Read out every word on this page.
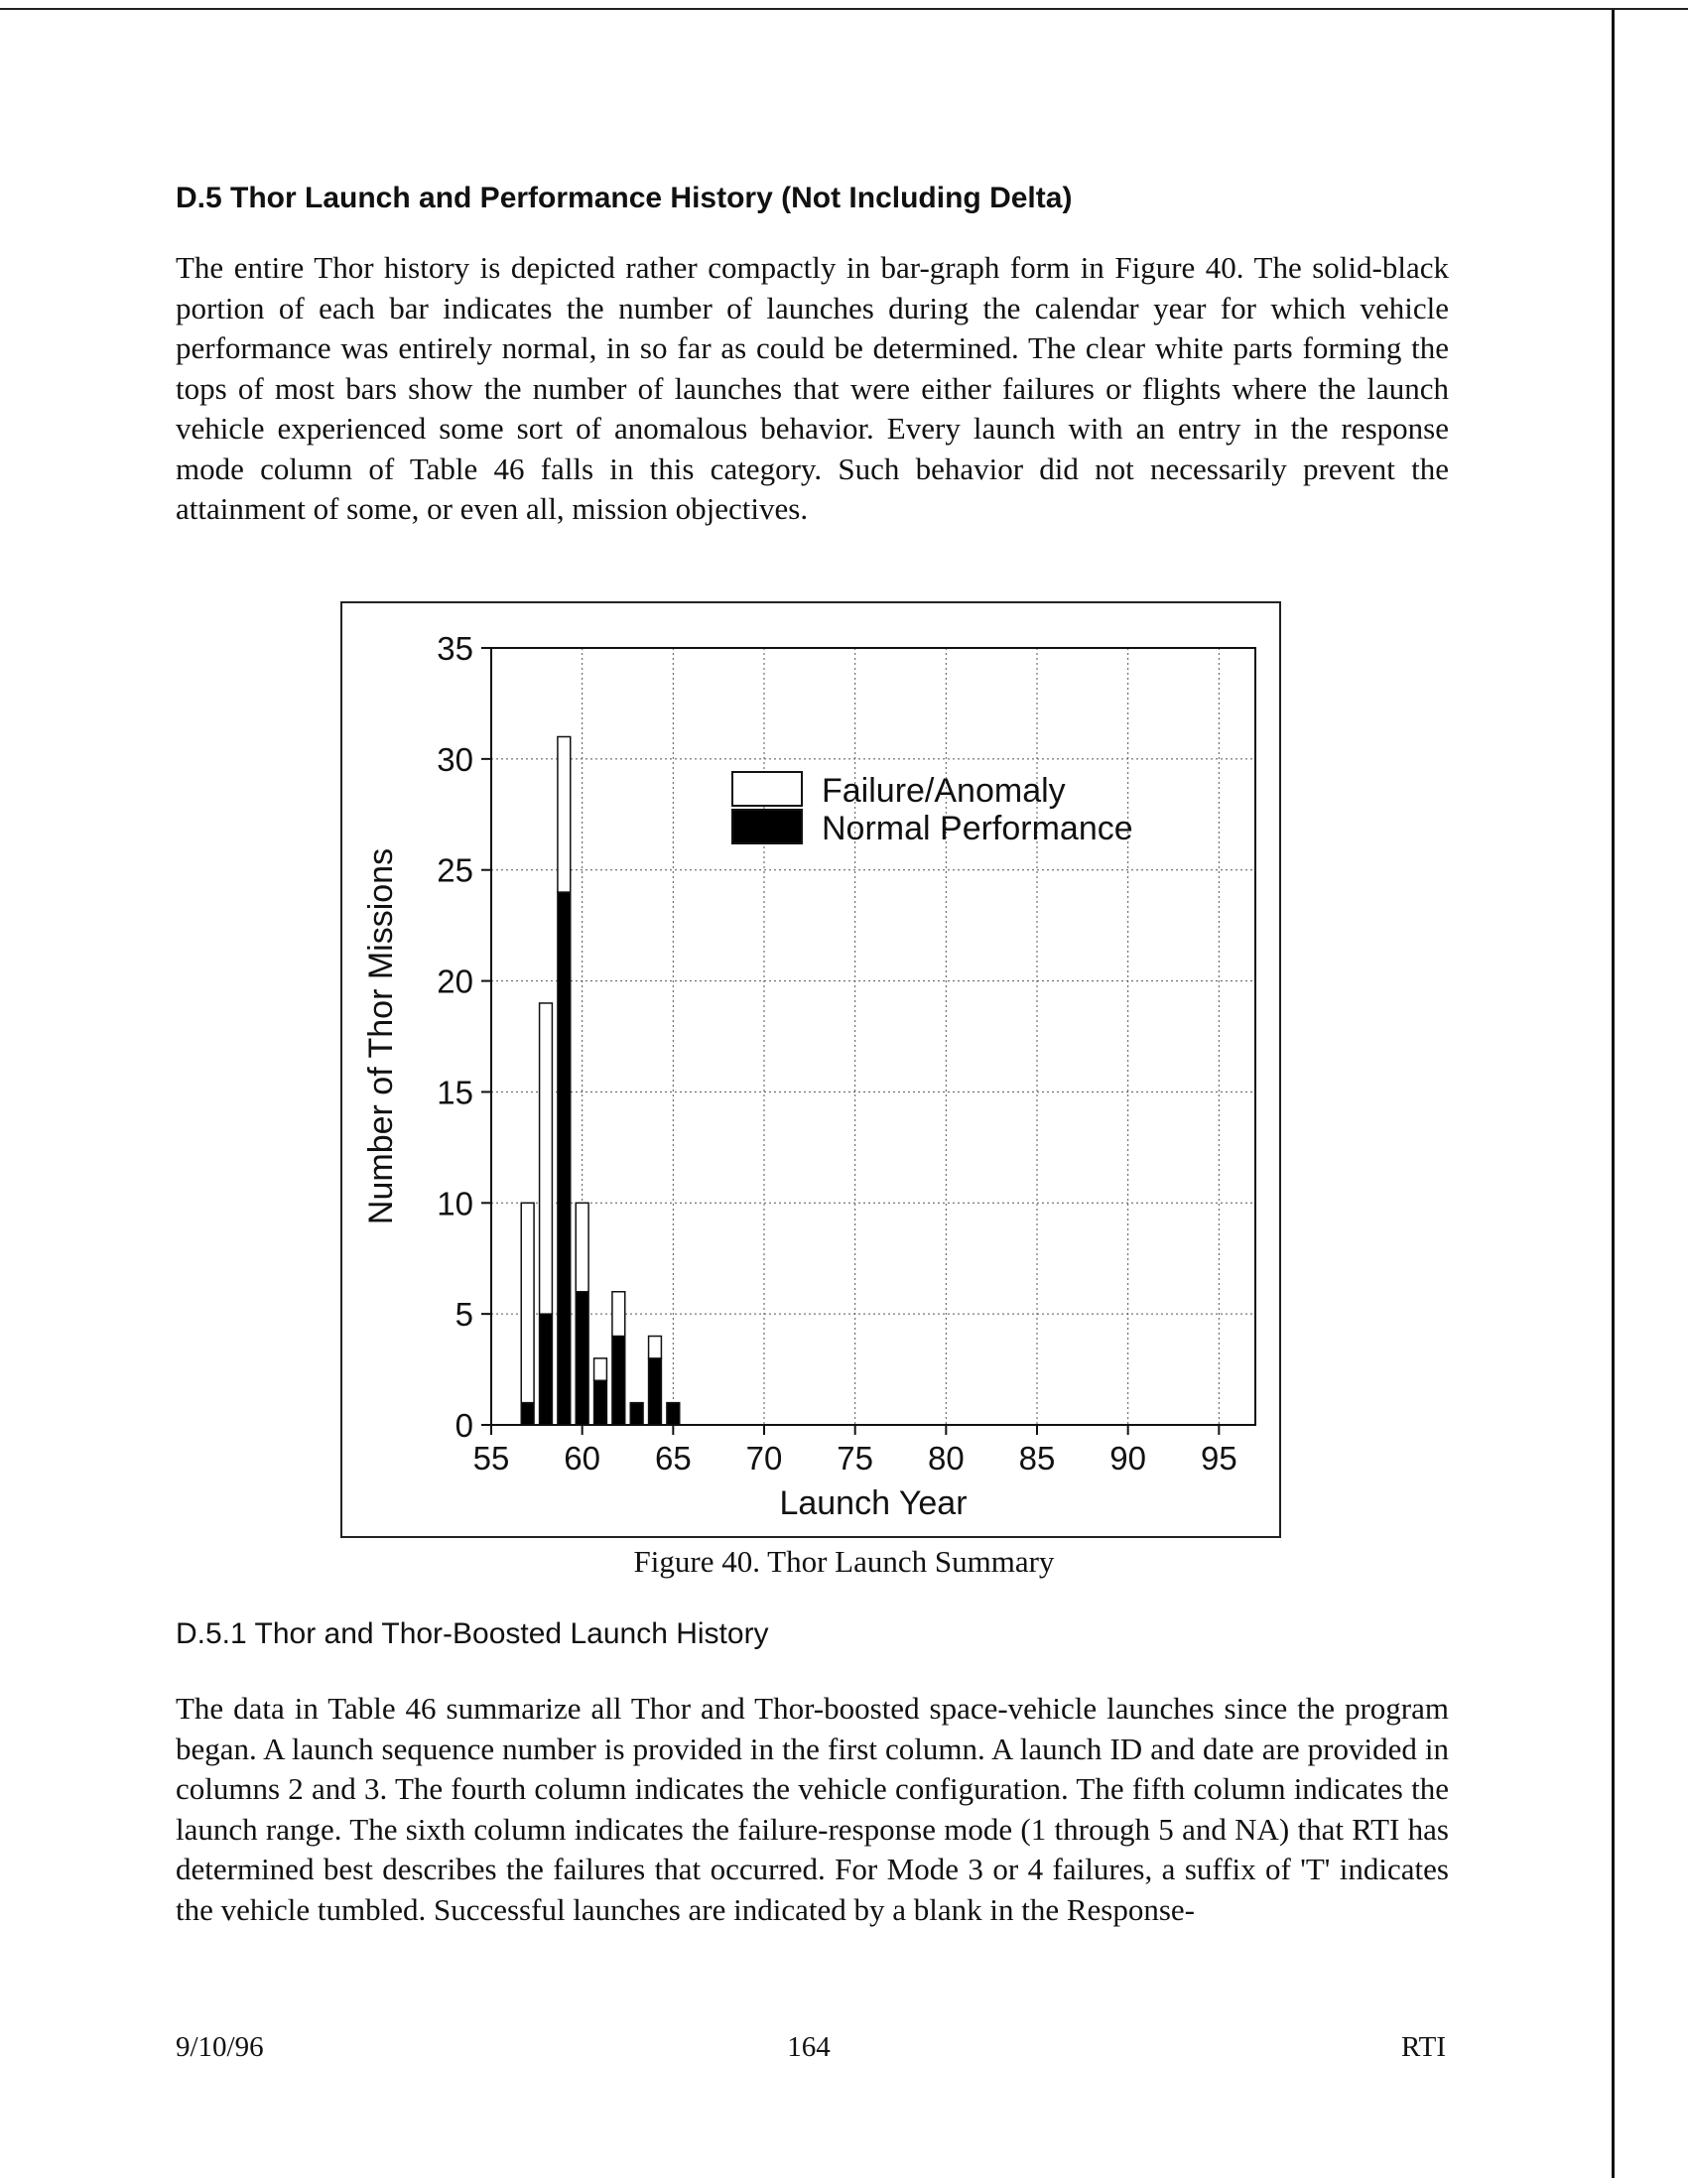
D.5 Thor Launch and Performance History (Not Including Delta)
The entire Thor history is depicted rather compactly in bar-graph form in Figure 40. The solid-black portion of each bar indicates the number of launches during the calendar year for which vehicle performance was entirely normal, in so far as could be determined. The clear white parts forming the tops of most bars show the number of launches that were either failures or flights where the launch vehicle experienced some sort of anomalous behavior. Every launch with an entry in the response mode column of Table 46 falls in this category. Such behavior did not necessarily prevent the attainment of some, or even all, mission objectives.
0
5
10
15
20
25
30
35
55 60 65 70 75 80 85 90 95
Launch Year
Number of Thor Missions
Failure/Anomaly
Normal Performance
Figure 40. Thor Launch Summary
D.5.1 Thor and Thor-Boosted Launch History
The data in Table 46 summarize all Thor and Thor-boosted space-vehicle launches since the program began. A launch sequence number is provided in the first column. A launch ID and date are provided in columns 2 and 3. The fourth column indicates the vehicle configuration. The fifth column indicates the launch range. The sixth column indicates the failure-response mode (1 through 5 and NA) that RTI has determined best describes the failures that occurred. For Mode 3 or 4 failures, a suffix of 'T' indicates the vehicle tumbled. Successful launches are indicated by a blank in the Response-
9/10/96	164	RTI
